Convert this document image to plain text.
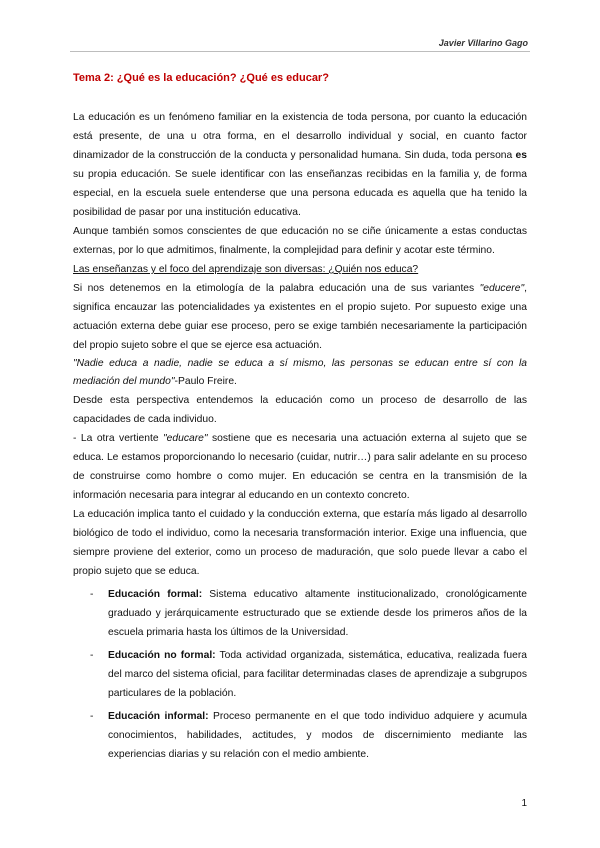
Javier Villarino Gago
Tema 2: ¿Qué es la educación? ¿Qué es educar?

La educación es un fenómeno familiar en la existencia de toda persona, por cuanto la educación está presente, de una u otra forma, en el desarrollo individual y social, en cuanto factor dinamizador de la construcción de la conducta y personalidad humana. Sin duda, toda persona es su propia educación. Se suele identificar con las enseñanzas recibidas en la familia y, de forma especial, en la escuela suele entenderse que una persona educada es aquella que ha tenido la posibilidad de pasar por una institución educativa.

Aunque también somos conscientes de que educación no se ciñe únicamente a estas conductas externas, por lo que admitimos, finalmente, la complejidad para definir y acotar este término.

Las enseñanzas y el foco del aprendizaje son diversas: ¿Quién nos educa?

Si nos detenemos en la etimología de la palabra educación una de sus variantes "educere", significa encauzar las potencialidades ya existentes en el propio sujeto. Por supuesto exige una actuación externa debe guiar ese proceso, pero se exige también necesariamente la participación del propio sujeto sobre el que se ejerce esa actuación.

"Nadie educa a nadie, nadie se educa a sí mismo, las personas se educan entre sí con la mediación del mundo"-Paulo Freire.

Desde esta perspectiva entendemos la educación como un proceso de desarrollo de las capacidades de cada individuo.

- La otra vertiente "educare" sostiene que es necesaria una actuación externa al sujeto que se educa. Le estamos proporcionando lo necesario (cuidar, nutrir…) para salir adelante en su proceso de construirse como hombre o como mujer. En educación se centra en la transmisión de la información necesaria para integrar al educando en un contexto concreto.

La educación implica tanto el cuidado y la conducción externa, que estaría más ligado al desarrollo biológico de todo el individuo, como la necesaria transformación interior. Exige una influencia, que siempre proviene del exterior, como un proceso de maduración, que solo puede llevar a cabo el propio sujeto que se educa.

- Educación formal: Sistema educativo altamente institucionalizado, cronológicamente graduado y jerárquicamente estructurado que se extiende desde los primeros años de la escuela primaria hasta los últimos de la Universidad.
- Educación no formal: Toda actividad organizada, sistemática, educativa, realizada fuera del marco del sistema oficial, para facilitar determinadas clases de aprendizaje a subgrupos particulares de la población.
- Educación informal: Proceso permanente en el que todo individuo adquiere y acumula conocimientos, habilidades, actitudes, y modos de discernimiento mediante las experiencias diarias y su relación con el medio ambiente.
1
